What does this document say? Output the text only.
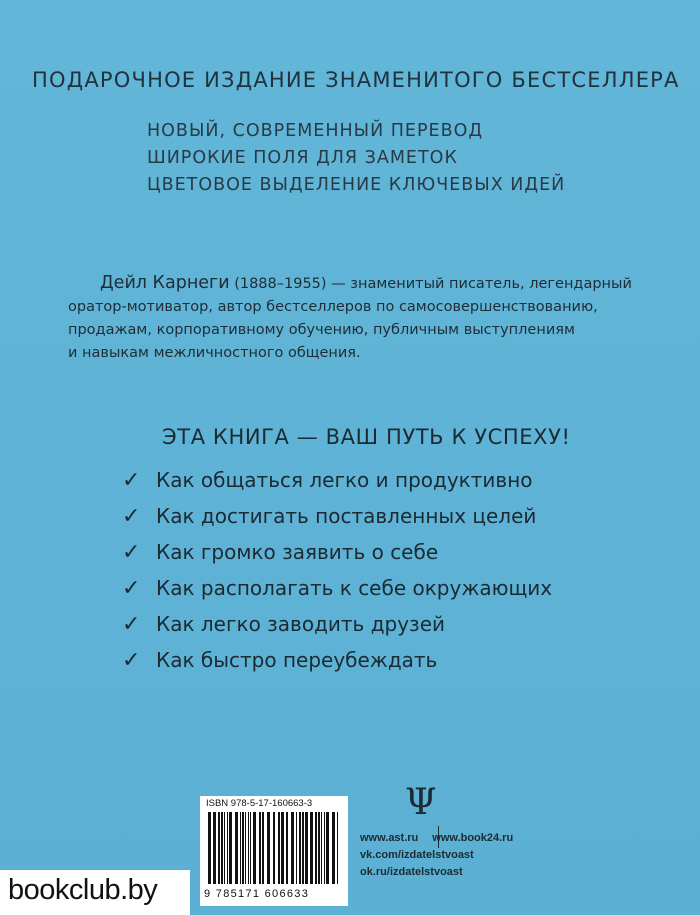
ПОДАРОЧНОЕ ИЗДАНИЕ ЗНАМЕНИТОГО БЕСТСЕЛЛЕРА
НОВЫЙ, СОВРЕМЕННЫЙ ПЕРЕВОД
ШИРОКИЕ ПОЛЯ ДЛЯ ЗАМЕТОК
ЦВЕТОВОЕ ВЫДЕЛЕНИЕ КЛЮЧЕВЫХ ИДЕЙ
Дейл Карнеги (1888–1955) — знаменитый писатель, легендарный
оратор-мотиватор, автор бестселлеров по самосовершенствованию,
продажам, корпоративному обучению, публичным выступлениям
и навыкам межличностного общения.
ЭТА КНИГА — ВАШ ПУТЬ К УСПЕХУ!
✓ Как общаться легко и продуктивно
✓ Как достигать поставленных целей
✓ Как громко заявить о себе
✓ Как располагать к себе окружающих
✓ Как легко заводить друзей
✓ Как быстро переубеждать
ISBN 978-5-17-160663-3
9 785171 606633
Ψ
www.ast.ru www.book24.ru
vk.com/izdatelstvoast
ok.ru/izdatelstvoast
bookclub.by
